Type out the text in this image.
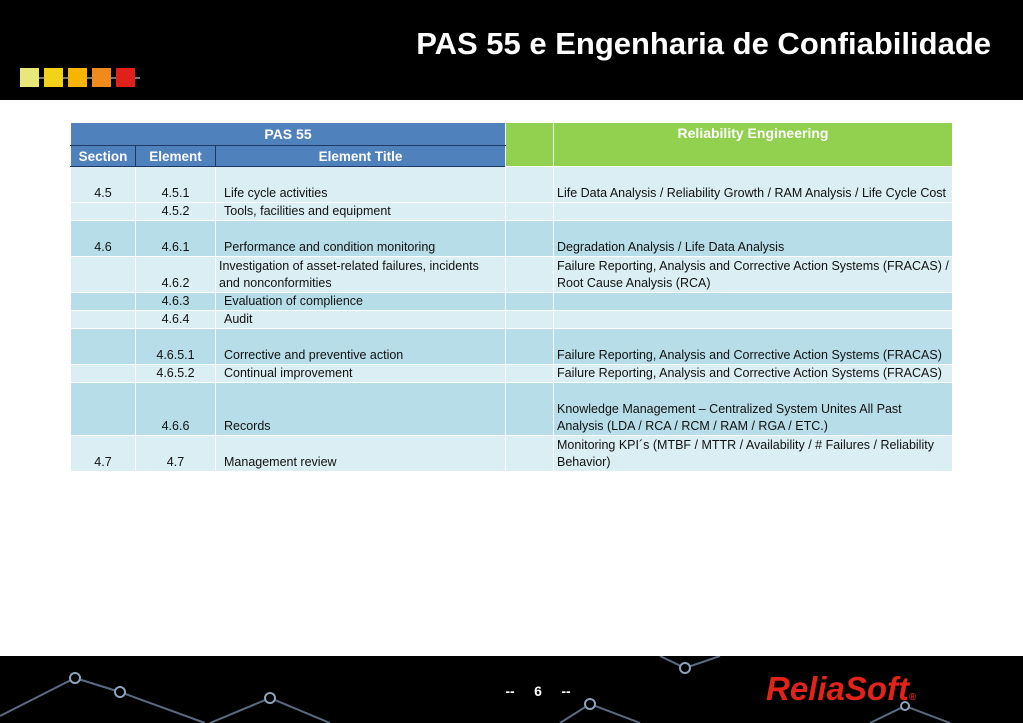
PAS 55 e Engenharia de Confiabilidade
PAS 55				Reliability Engineering
Section	Element	Element Title		
4.5	4.5.1	Life cycle activities		Life Data Analysis / Reliability Growth / RAM Analysis / Life Cycle Cost
	4.5.2	Tools, facilities and equipment		
4.6	4.6.1	Performance and condition monitoring		Degradation Analysis / Life Data Analysis
	4.6.2	Investigation of asset-related failures, incidents and nonconformities		Failure Reporting, Analysis and Corrective Action Systems (FRACAS) / Root Cause Analysis (RCA)
	4.6.3	Evaluation of complience		
	4.6.4	Audit		
	4.6.5.1	Corrective and preventive action		Failure Reporting, Analysis and Corrective Action Systems (FRACAS)
	4.6.5.2	Continual improvement		Failure Reporting, Analysis and Corrective Action Systems (FRACAS)
	4.6.6	Records		Knowledge Management – Centralized System Unites All Past Analysis (LDA / RCA / RCM / RAM / RGA / ETC.)
4.7	4.7	Management review		Monitoring KPI´s (MTBF / MTTR / Availability / # Failures / Reliability Behavior)
--     6     --	ReliaSoft®
